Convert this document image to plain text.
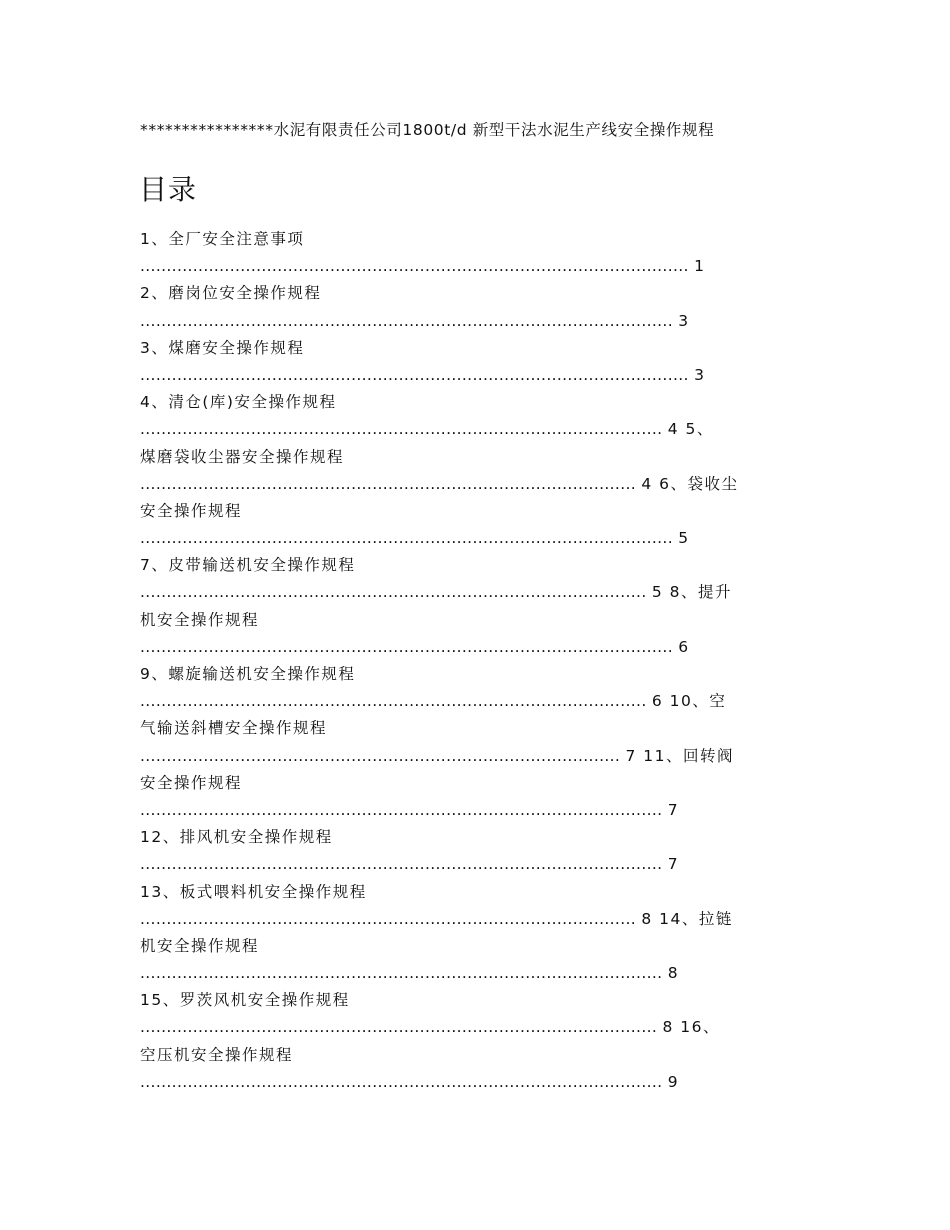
****************水泥有限责任公司1800t/d 新型干法水泥生产线安全操作规程
目录
1、全厂安全注意事项
........................................................................................................ 1
2、磨岗位安全操作规程
..................................................................................................... 3
3、煤磨安全操作规程
........................................................................................................ 3
4、清仓(库)安全操作规程
................................................................................................... 4 5、
煤磨袋收尘器安全操作规程
.............................................................................................. 4 6、袋收尘
安全操作规程
..................................................................................................... 5
7、皮带输送机安全操作规程
................................................................................................ 5 8、提升
机安全操作规程
..................................................................................................... 6
9、螺旋输送机安全操作规程
................................................................................................ 6 10、空
气输送斜槽安全操作规程
........................................................................................... 7 11、回转阀
安全操作规程
................................................................................................... 7
12、排风机安全操作规程
................................................................................................... 7
13、板式喂料机安全操作规程
.............................................................................................. 8 14、拉链
机安全操作规程
................................................................................................... 8
15、罗茨风机安全操作规程
.................................................................................................. 8 16、
空压机安全操作规程
................................................................................................... 9
